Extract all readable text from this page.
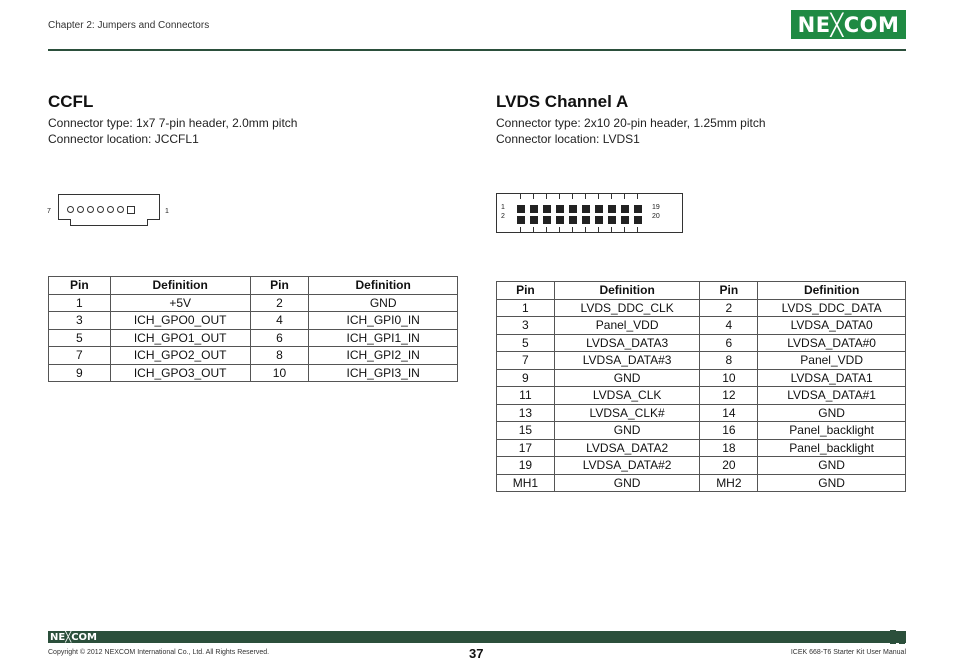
Chapter 2: Jumpers and Connectors	NE╳COM
CCFL
Connector type: 1x7 7-pin header, 2.0mm pitch
Connector location: JCCFL1
7	1
Pin	Definition	Pin	Definition
1	+5V	2	GND
3	ICH_GPO0_OUT	4	ICH_GPI0_IN
5	ICH_GPO1_OUT	6	ICH_GPI1_IN
7	ICH_GPO2_OUT	8	ICH_GPI2_IN
9	ICH_GPO3_OUT	10	ICH_GPI3_IN
LVDS Channel A
Connector type: 2x10 20-pin header, 1.25mm pitch
Connector location: LVDS1
1
2
19
20
Pin	Definition	Pin	Definition
1	LVDS_DDC_CLK	2	LVDS_DDC_DATA
3	Panel_VDD	4	LVDSA_DATA0
5	LVDSA_DATA3	6	LVDSA_DATA#0
7	LVDSA_DATA#3	8	Panel_VDD
9	GND	10	LVDSA_DATA1
11	LVDSA_CLK	12	LVDSA_DATA#1
13	LVDSA_CLK#	14	GND
15	GND	16	Panel_backlight
17	LVDSA_DATA2	18	Panel_backlight
19	LVDSA_DATA#2	20	GND
MH1	GND	MH2	GND
NE╳COM
Copyright © 2012 NEXCOM International Co., Ltd. All Rights Reserved.	37	ICEK 668-T6 Starter Kit User Manual
